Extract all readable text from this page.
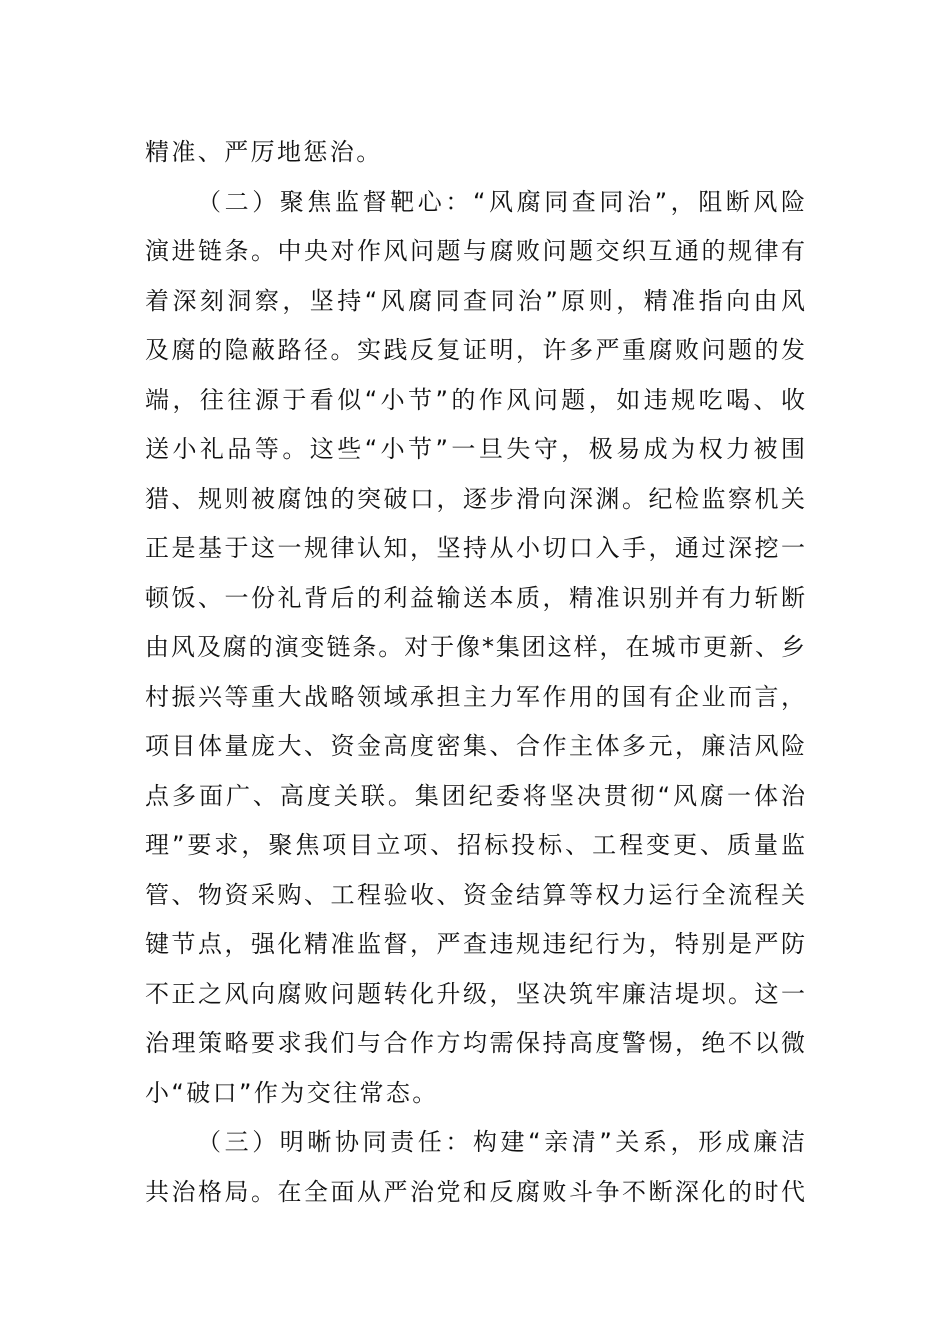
精准、严厉地惩治。
（二）聚焦监督靶心：“风腐同查同治”，阻断风险
演进链条。中央对作风问题与腐败问题交织互通的规律有
着深刻洞察，坚持“风腐同查同治”原则，精准指向由风
及腐的隐蔽路径。实践反复证明，许多严重腐败问题的发
端，往往源于看似“小节”的作风问题，如违规吃喝、收
送小礼品等。这些“小节”一旦失守，极易成为权力被围
猎、规则被腐蚀的突破口，逐步滑向深渊。纪检监察机关
正是基于这一规律认知，坚持从小切口入手，通过深挖一
顿饭、一份礼背后的利益输送本质，精准识别并有力斩断
由风及腐的演变链条。对于像*集团这样，在城市更新、乡
村振兴等重大战略领域承担主力军作用的国有企业而言，
项目体量庞大、资金高度密集、合作主体多元，廉洁风险
点多面广、高度关联。集团纪委将坚决贯彻“风腐一体治
理”要求，聚焦项目立项、招标投标、工程变更、质量监
管、物资采购、工程验收、资金结算等权力运行全流程关
键节点，强化精准监督，严查违规违纪行为，特别是严防
不正之风向腐败问题转化升级，坚决筑牢廉洁堤坝。这一
治理策略要求我们与合作方均需保持高度警惕，绝不以微
小“破口”作为交往常态。
（三）明晰协同责任：构建“亲清”关系，形成廉洁
共治格局。在全面从严治党和反腐败斗争不断深化的时代
